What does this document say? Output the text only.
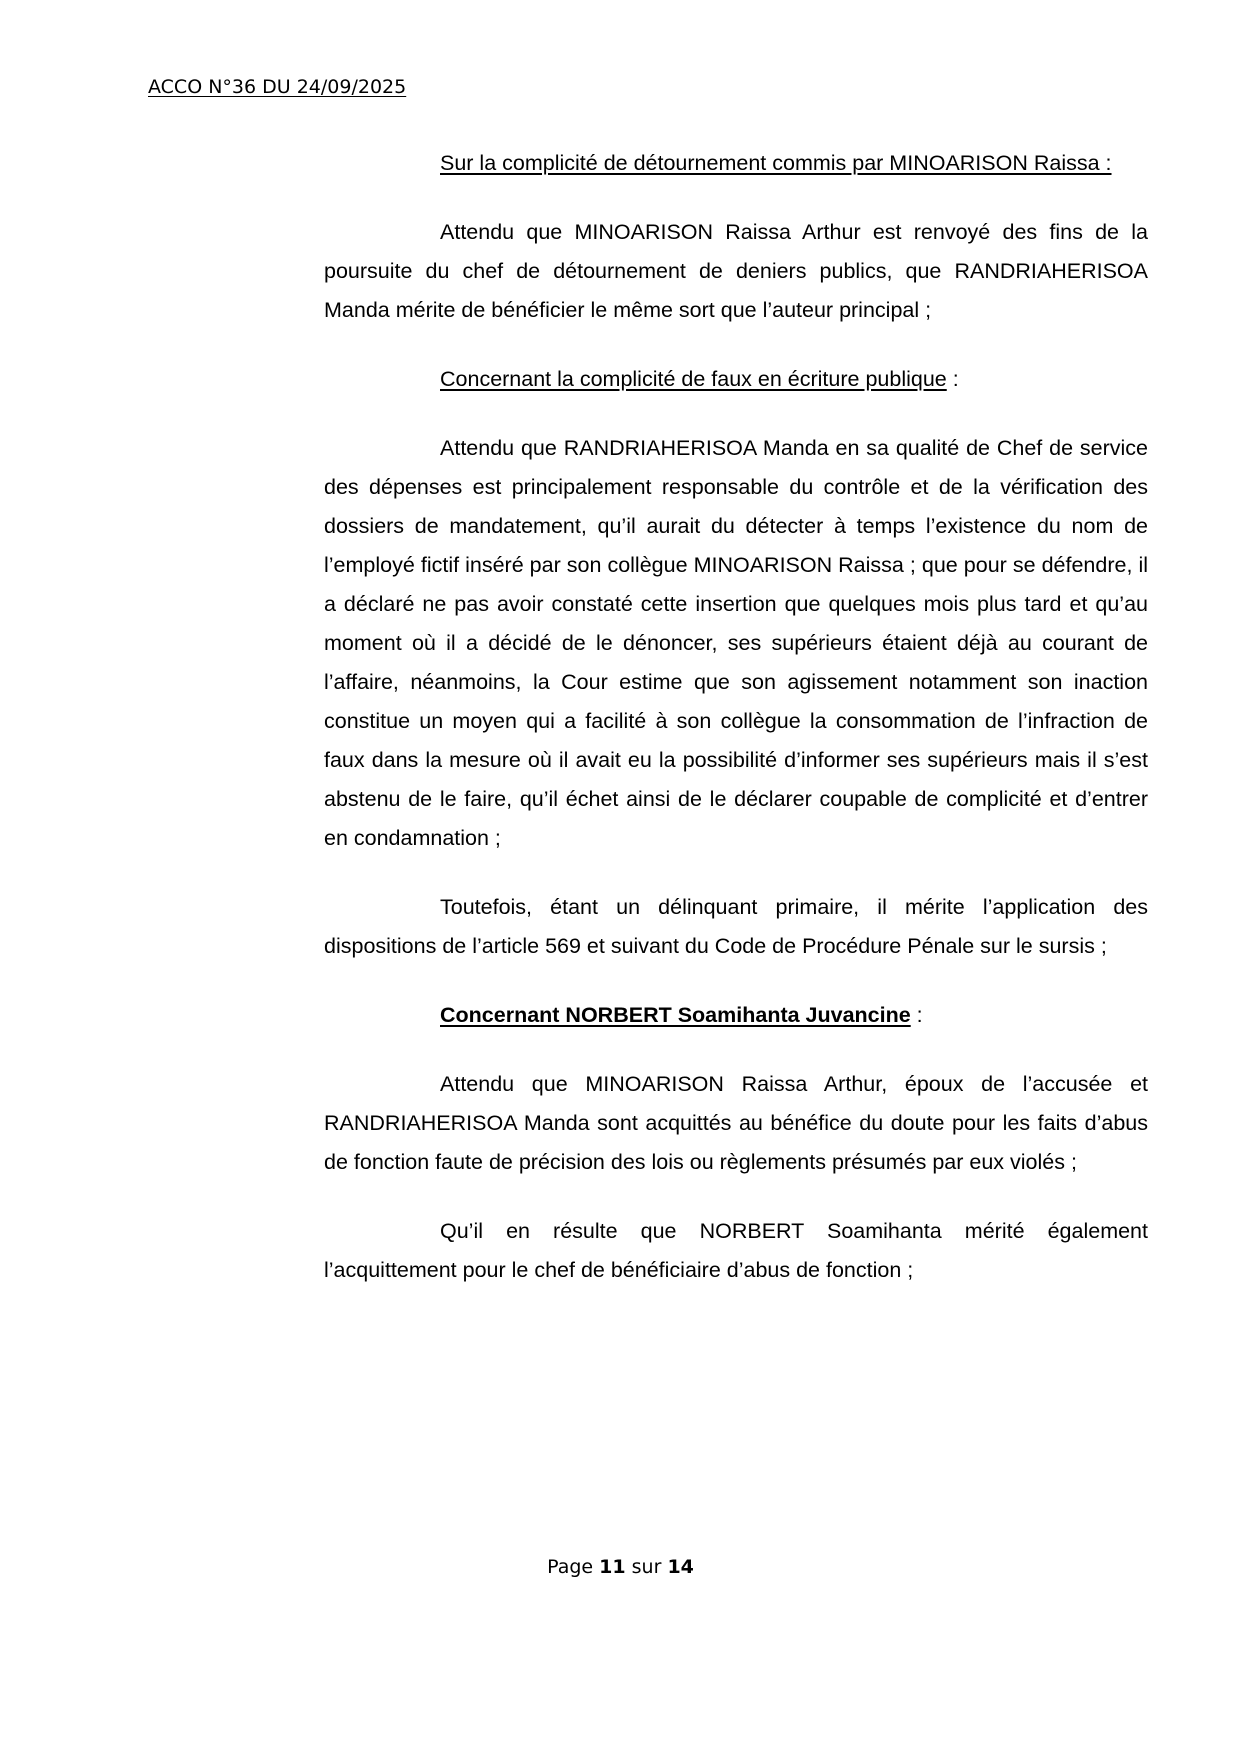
ACCO N°36 DU 24/09/2025

Sur la complicité de détournement commis par MINOARISON Raissa :

Attendu que MINOARISON Raissa Arthur est renvoyé des fins de la poursuite du chef de détournement de deniers publics, que RANDRIAHERISOA Manda mérite de bénéficier le même sort que l’auteur principal ;

Concernant la complicité de faux en écriture publique :

Attendu que RANDRIAHERISOA Manda en sa qualité de Chef de service des dépenses est principalement responsable du contrôle et de la vérification des dossiers de mandatement, qu’il aurait du détecter à temps l’existence du nom de l’employé fictif inséré par son collègue MINOARISON Raissa ; que pour se défendre, il a déclaré ne pas avoir constaté cette insertion que quelques mois plus tard et qu’au moment où il a décidé de le dénoncer, ses supérieurs étaient déjà au courant de l’affaire, néanmoins, la Cour estime que son agissement notamment son inaction constitue un moyen qui a facilité à son collègue la consommation de l’infraction de faux dans la mesure où il avait eu la possibilité d’informer ses supérieurs mais il s’est abstenu de le faire, qu’il échet ainsi de le déclarer coupable de complicité et d’entrer en condamnation ;

Toutefois, étant un délinquant primaire, il mérite l’application des dispositions de l’article 569 et suivant du Code de Procédure Pénale sur le sursis ;

Concernant NORBERT Soamihanta Juvancine :

Attendu que MINOARISON Raissa Arthur, époux de l’accusée et RANDRIAHERISOA Manda sont acquittés au bénéfice du doute pour les faits d’abus de fonction faute de précision des lois ou règlements présumés par eux violés ;

Qu’il en résulte que NORBERT Soamihanta mérité également l’acquittement pour le chef de bénéficiaire d’abus de fonction ;

Page 11 sur 14
